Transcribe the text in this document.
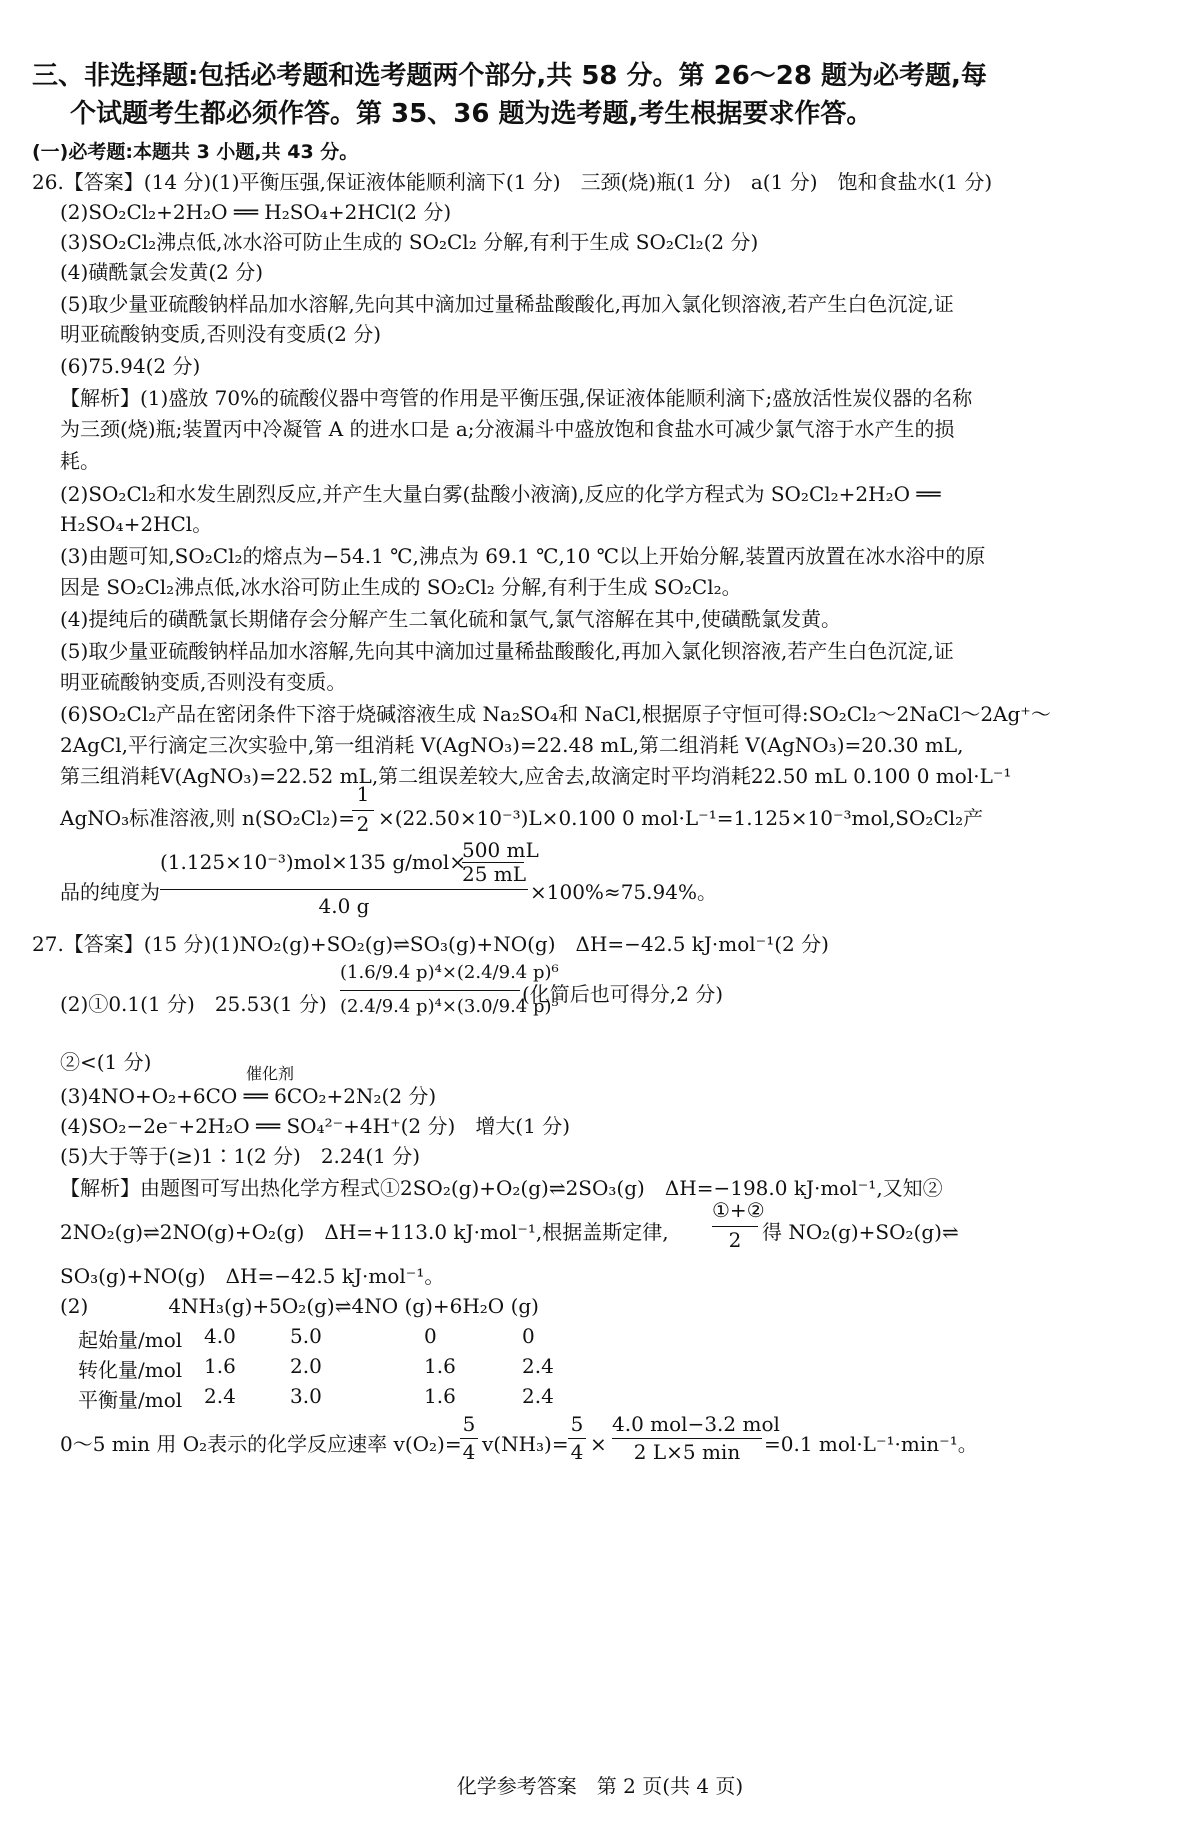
三、非选择题:包括必考题和选考题两个部分,共 58 分。第 26～28 题为必考题,每
个试题考生都必须作答。第 35、36 题为选考题,考生根据要求作答。
(一)必考题:本题共 3 小题,共 43 分。
26.【答案】(14 分)(1)平衡压强,保证液体能顺利滴下(1 分)　三颈(烧)瓶(1 分)　a(1 分)　饱和食盐水(1 分)
(2)SO₂Cl₂+2H₂O ══ H₂SO₄+2HCl(2 分)
(3)SO₂Cl₂沸点低,冰水浴可防止生成的 SO₂Cl₂ 分解,有利于生成 SO₂Cl₂(2 分)
(4)磺酰氯会发黄(2 分)
(5)取少量亚硫酸钠样品加水溶解,先向其中滴加过量稀盐酸酸化,再加入氯化钡溶液,若产生白色沉淀,证
明亚硫酸钠变质,否则没有变质(2 分)
(6)75.94(2 分)
【解析】(1)盛放 70%的硫酸仪器中弯管的作用是平衡压强,保证液体能顺利滴下;盛放活性炭仪器的名称
为三颈(烧)瓶;装置丙中冷凝管 A 的进水口是 a;分液漏斗中盛放饱和食盐水可减少氯气溶于水产生的损
耗。
(2)SO₂Cl₂和水发生剧烈反应,并产生大量白雾(盐酸小液滴),反应的化学方程式为 SO₂Cl₂+2H₂O ══
H₂SO₄+2HCl。
(3)由题可知,SO₂Cl₂的熔点为−54.1 ℃,沸点为 69.1 ℃,10 ℃以上开始分解,装置丙放置在冰水浴中的原
因是 SO₂Cl₂沸点低,冰水浴可防止生成的 SO₂Cl₂ 分解,有利于生成 SO₂Cl₂。
(4)提纯后的磺酰氯长期储存会分解产生二氧化硫和氯气,氯气溶解在其中,使磺酰氯发黄。
(5)取少量亚硫酸钠样品加水溶解,先向其中滴加过量稀盐酸酸化,再加入氯化钡溶液,若产生白色沉淀,证
明亚硫酸钠变质,否则没有变质。
(6)SO₂Cl₂产品在密闭条件下溶于烧碱溶液生成 Na₂SO₄和 NaCl,根据原子守恒可得:SO₂Cl₂～2NaCl～2Ag⁺～
2AgCl,平行滴定三次实验中,第一组消耗 V(AgNO₃)=22.48 mL,第二组消耗 V(AgNO₃)=20.30 mL,
第三组消耗V(AgNO₃)=22.52 mL,第二组误差较大,应舍去,故滴定时平均消耗22.50 mL 0.100 0 mol·L⁻¹
AgNO₃标准溶液,则 n(SO₂Cl₂)=
1
2 ×(22.50×10⁻³)L×0.100 0 mol·L⁻¹=1.125×10⁻³mol,SO₂Cl₂产
品的纯度为
(1.125×10⁻³)mol×135 g/mol×
500 mL
25 mL
4.0 g
×100%≈75.94%。
27.【答案】(15 分)(1)NO₂(g)+SO₂(g)⇌SO₃(g)+NO(g)　ΔH=−42.5 kJ·mol⁻¹(2 分)
(2)①0.1(1 分)　25.53(1 分)
(1.6/9.4 p)⁴×(2.4/9.4 p)⁶
(2.4/9.4 p)⁴×(3.0/9.4 p)⁵
(化简后也可得分,2 分)
②<(1 分)	催化剂
(3)4NO+O₂+6CO ══ 6CO₂+2N₂(2 分)
(4)SO₂−2e⁻+2H₂O ══ SO₄²⁻+4H⁺(2 分)　增大(1 分)
(5)大于等于(≥)1∶1(2 分)　2.24(1 分)
【解析】由题图可写出热化学方程式①2SO₂(g)+O₂(g)⇌2SO₃(g)　ΔH=−198.0 kJ·mol⁻¹,又知②
2NO₂(g)⇌2NO(g)+O₂(g)　ΔH=+113.0 kJ·mol⁻¹,根据盖斯定律,
①+②
2	得 NO₂(g)+SO₂(g)⇌
SO₃(g)+NO(g)　ΔH=−42.5 kJ·mol⁻¹。
(2)　　　　4NH₃(g)+5O₂(g)⇌4NO (g)+6H₂O (g)
起始量/mol 4.0	5.0	0	0
转化量/mol 1.6	2.0	1.6	2.4
平衡量/mol 2.4	3.0	1.6	2.4
0～5 min 用 O₂表示的化学反应速率 v(O₂)=
5
4 v(NH₃)=
5
4 ×
4.0 mol−3.2 mol
2 L×5 min	=0.1 mol·L⁻¹·min⁻¹。
化学参考答案　第 2 页(共 4 页)
